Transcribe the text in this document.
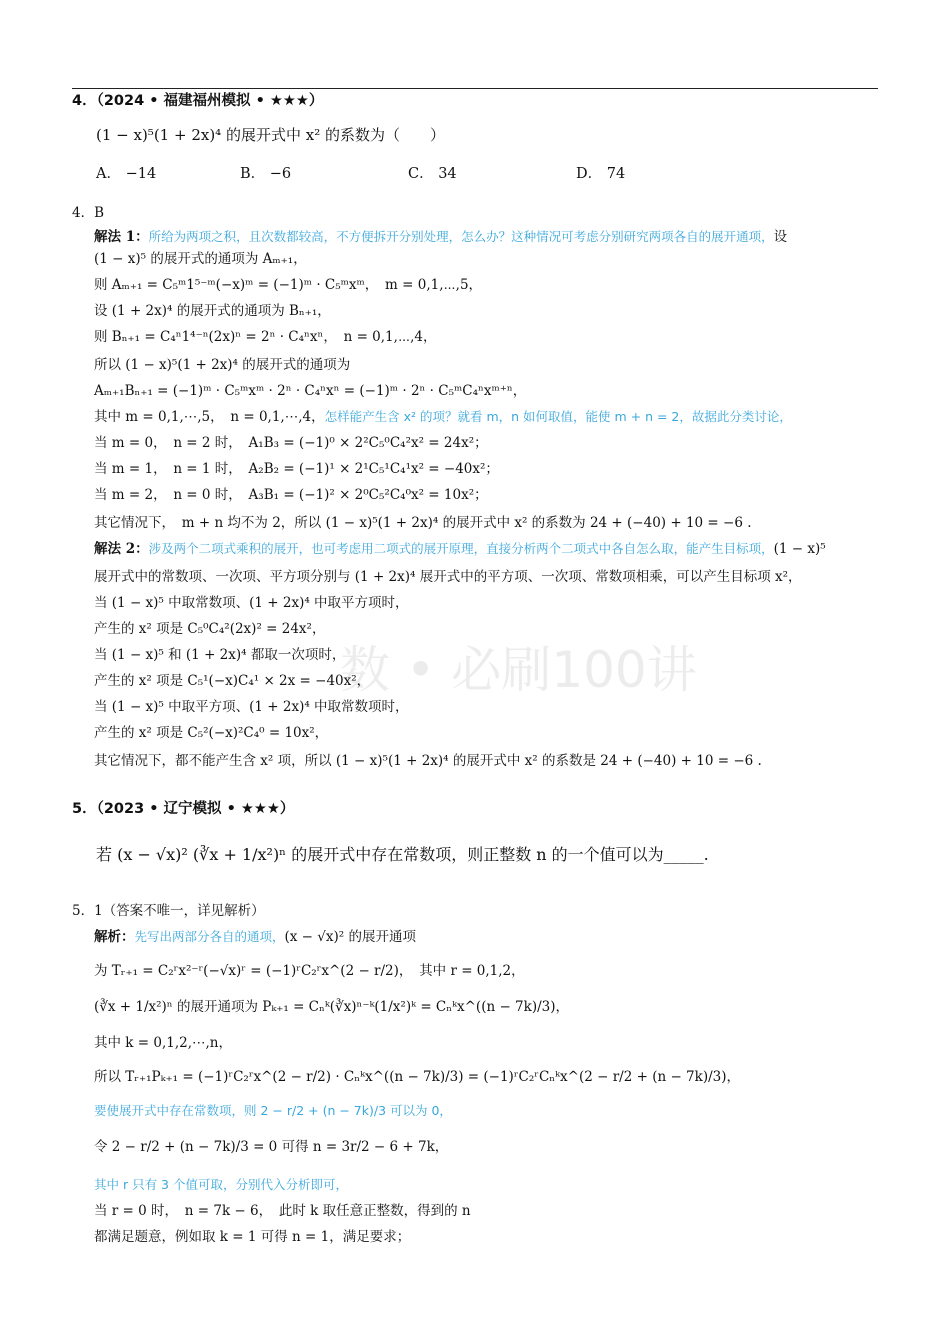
数 • 必刷100讲
4．（2024 • 福建福州模拟 • ★★★）
(1 − x)⁵(1 + 2x)⁴ 的展开式中 x² 的系数为（　　）
A． −14	B． −6	C． 34	D． 74
4．B
解法 1：所给为两项之积，且次数都较高，不方便拆开分别处理，怎么办？这种情况可考虑分别研究两项各自的展开通项，设
(1 − x)⁵ 的展开式的通项为 Aₘ₊₁，
则 Aₘ₊₁ = C₅ᵐ1⁵⁻ᵐ(−x)ᵐ = (−1)ᵐ · C₅ᵐxᵐ，　m = 0,1,⋯,5，
设 (1 + 2x)⁴ 的展开式的通项为 Bₙ₊₁，
则 Bₙ₊₁ = C₄ⁿ1⁴⁻ⁿ(2x)ⁿ = 2ⁿ · C₄ⁿxⁿ，　n = 0,1,⋯,4，
所以 (1 − x)⁵(1 + 2x)⁴ 的展开式的通项为
Aₘ₊₁Bₙ₊₁ = (−1)ᵐ · C₅ᵐxᵐ · 2ⁿ · C₄ⁿxⁿ = (−1)ᵐ · 2ⁿ · C₅ᵐC₄ⁿxᵐ⁺ⁿ，
其中 m = 0,1,⋯,5，　n = 0,1,⋯,4，怎样能产生含 x² 的项？就看 m，n 如何取值，能使 m + n = 2，故据此分类讨论，
当 m = 0，　n = 2 时，　A₁B₃ = (−1)⁰ × 2²C₅⁰C₄²x² = 24x²；
当 m = 1，　n = 1 时，　A₂B₂ = (−1)¹ × 2¹C₅¹C₄¹x² = −40x²；
当 m = 2，　n = 0 时，　A₃B₁ = (−1)² × 2⁰C₅²C₄⁰x² = 10x²；
其它情况下，　m + n 均不为 2，所以 (1 − x)⁵(1 + 2x)⁴ 的展开式中 x² 的系数为 24 + (−40) + 10 = −6 .
解法 2：涉及两个二项式乘积的展开，也可考虑用二项式的展开原理，直接分析两个二项式中各自怎么取，能产生目标项，(1 − x)⁵
展开式中的常数项、一次项、平方项分别与 (1 + 2x)⁴ 展开式中的平方项、一次项、常数项相乘，可以产生目标项 x²，
当 (1 − x)⁵ 中取常数项、(1 + 2x)⁴ 中取平方项时，
产生的 x² 项是 C₅⁰C₄²(2x)² = 24x²，
当 (1 − x)⁵ 和 (1 + 2x)⁴ 都取一次项时，
产生的 x² 项是 C₅¹(−x)C₄¹ × 2x = −40x²，
当 (1 − x)⁵ 中取平方项、(1 + 2x)⁴ 中取常数项时，
产生的 x² 项是 C₅²(−x)²C₄⁰ = 10x²，
其它情况下，都不能产生含 x² 项，所以 (1 − x)⁵(1 + 2x)⁴ 的展开式中 x² 的系数是 24 + (−40) + 10 = −6 .
5．（2023 • 辽宁模拟 • ★★★）
若 (x − √x)² (∛x + 1/x²)ⁿ 的展开式中存在常数项，则正整数 n 的一个值可以为_____.
5．1（答案不唯一，详见解析）
解析：先写出两部分各自的通项，(x − √x)² 的展开通项
为 Tᵣ₊₁ = C₂ʳx²⁻ʳ(−√x)ʳ = (−1)ʳC₂ʳx^(2 − r/2)，　其中 r = 0,1,2，
(∛x + 1/x²)ⁿ 的展开通项为 Pₖ₊₁ = Cₙᵏ(∛x)ⁿ⁻ᵏ(1/x²)ᵏ = Cₙᵏx^((n − 7k)/3)，
其中 k = 0,1,2,⋯,n，
所以 Tᵣ₊₁Pₖ₊₁ = (−1)ʳC₂ʳx^(2 − r/2) · Cₙᵏx^((n − 7k)/3) = (−1)ʳC₂ʳCₙᵏx^(2 − r/2 + (n − 7k)/3)，
要使展开式中存在常数项，则 2 − r/2 + (n − 7k)/3 可以为 0，
令 2 − r/2 + (n − 7k)/3 = 0 可得 n = 3r/2 − 6 + 7k，
其中 r 只有 3 个值可取，分别代入分析即可，
当 r = 0 时，　n = 7k − 6，　此时 k 取任意正整数，得到的 n
都满足题意，例如取 k = 1 可得 n = 1，满足要求；
